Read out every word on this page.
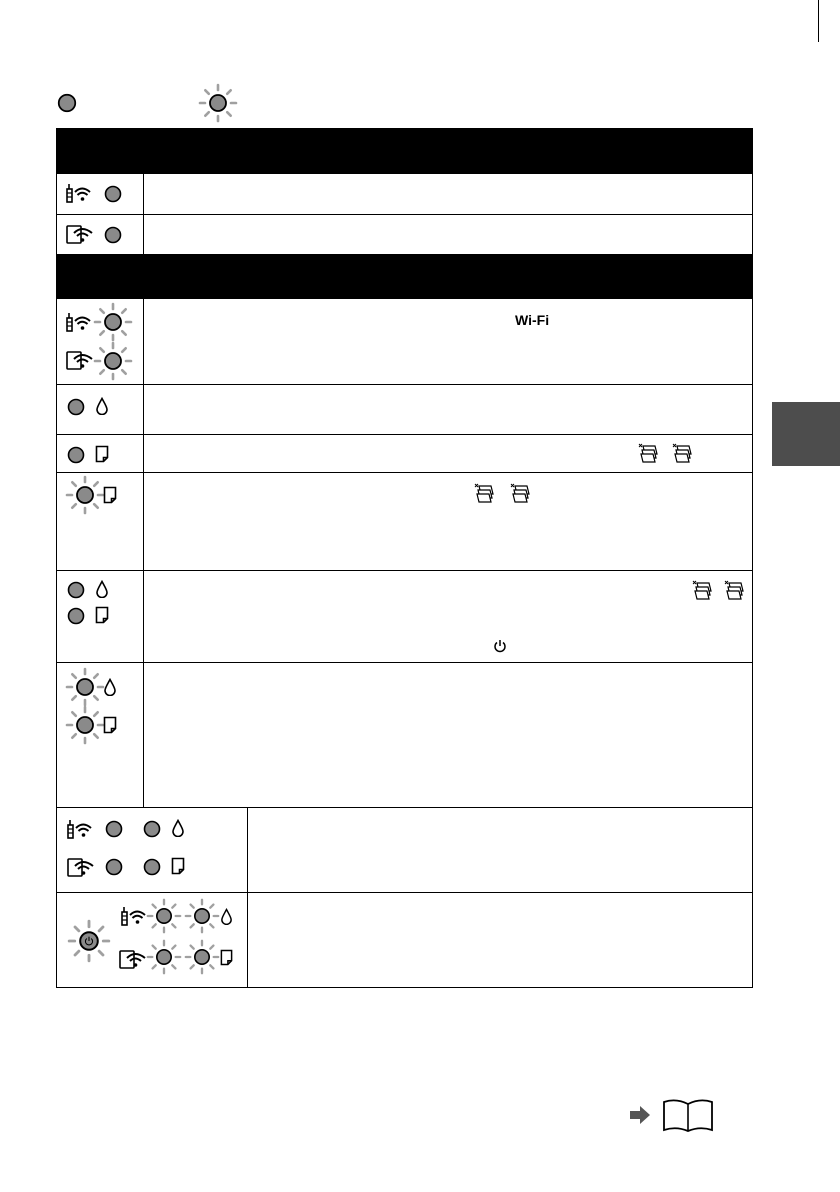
Wi-Fi
